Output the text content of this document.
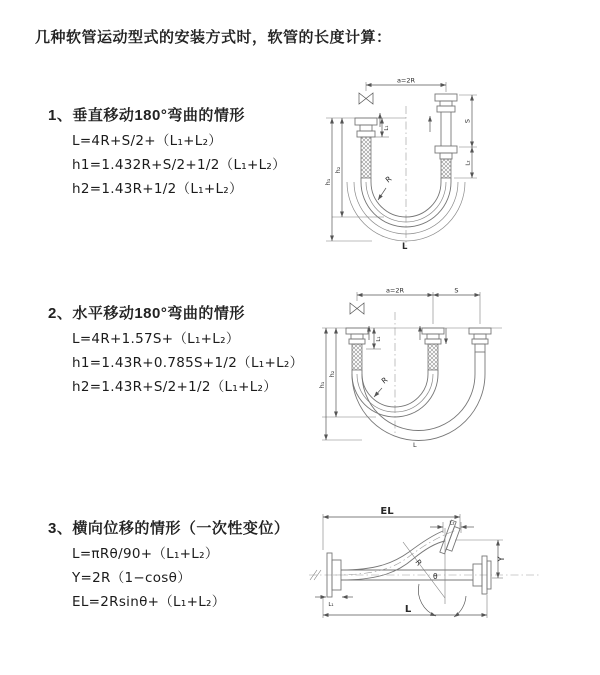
几种软管运动型式的安装方式时，软管的长度计算：
1、垂直移动180°弯曲的情形
L=4R+S/2+（L₁+L₂）
h1=1.432R+S/2+1/2（L₁+L₂）
h2=1.43R+1/2（L₁+L₂）
2、水平移动180°弯曲的情形
L=4R+1.57S+（L₁+L₂）
h1=1.43R+0.785S+1/2（L₁+L₂）
h2=1.43R+S/2+1/2（L₁+L₂）
3、横向位移的情形（一次性变位）
L=πRθ/90+（L₁+L₂）
Y=2R（1−cosθ）
EL=2Rsinθ+（L₁+L₂）
a=2R
h₁
h₂
L₁
S
L₂
R
L
a=2R	S
h₁
h₂
L₁
R
L
EL
L₂
Y
L
L₁
R
θ
